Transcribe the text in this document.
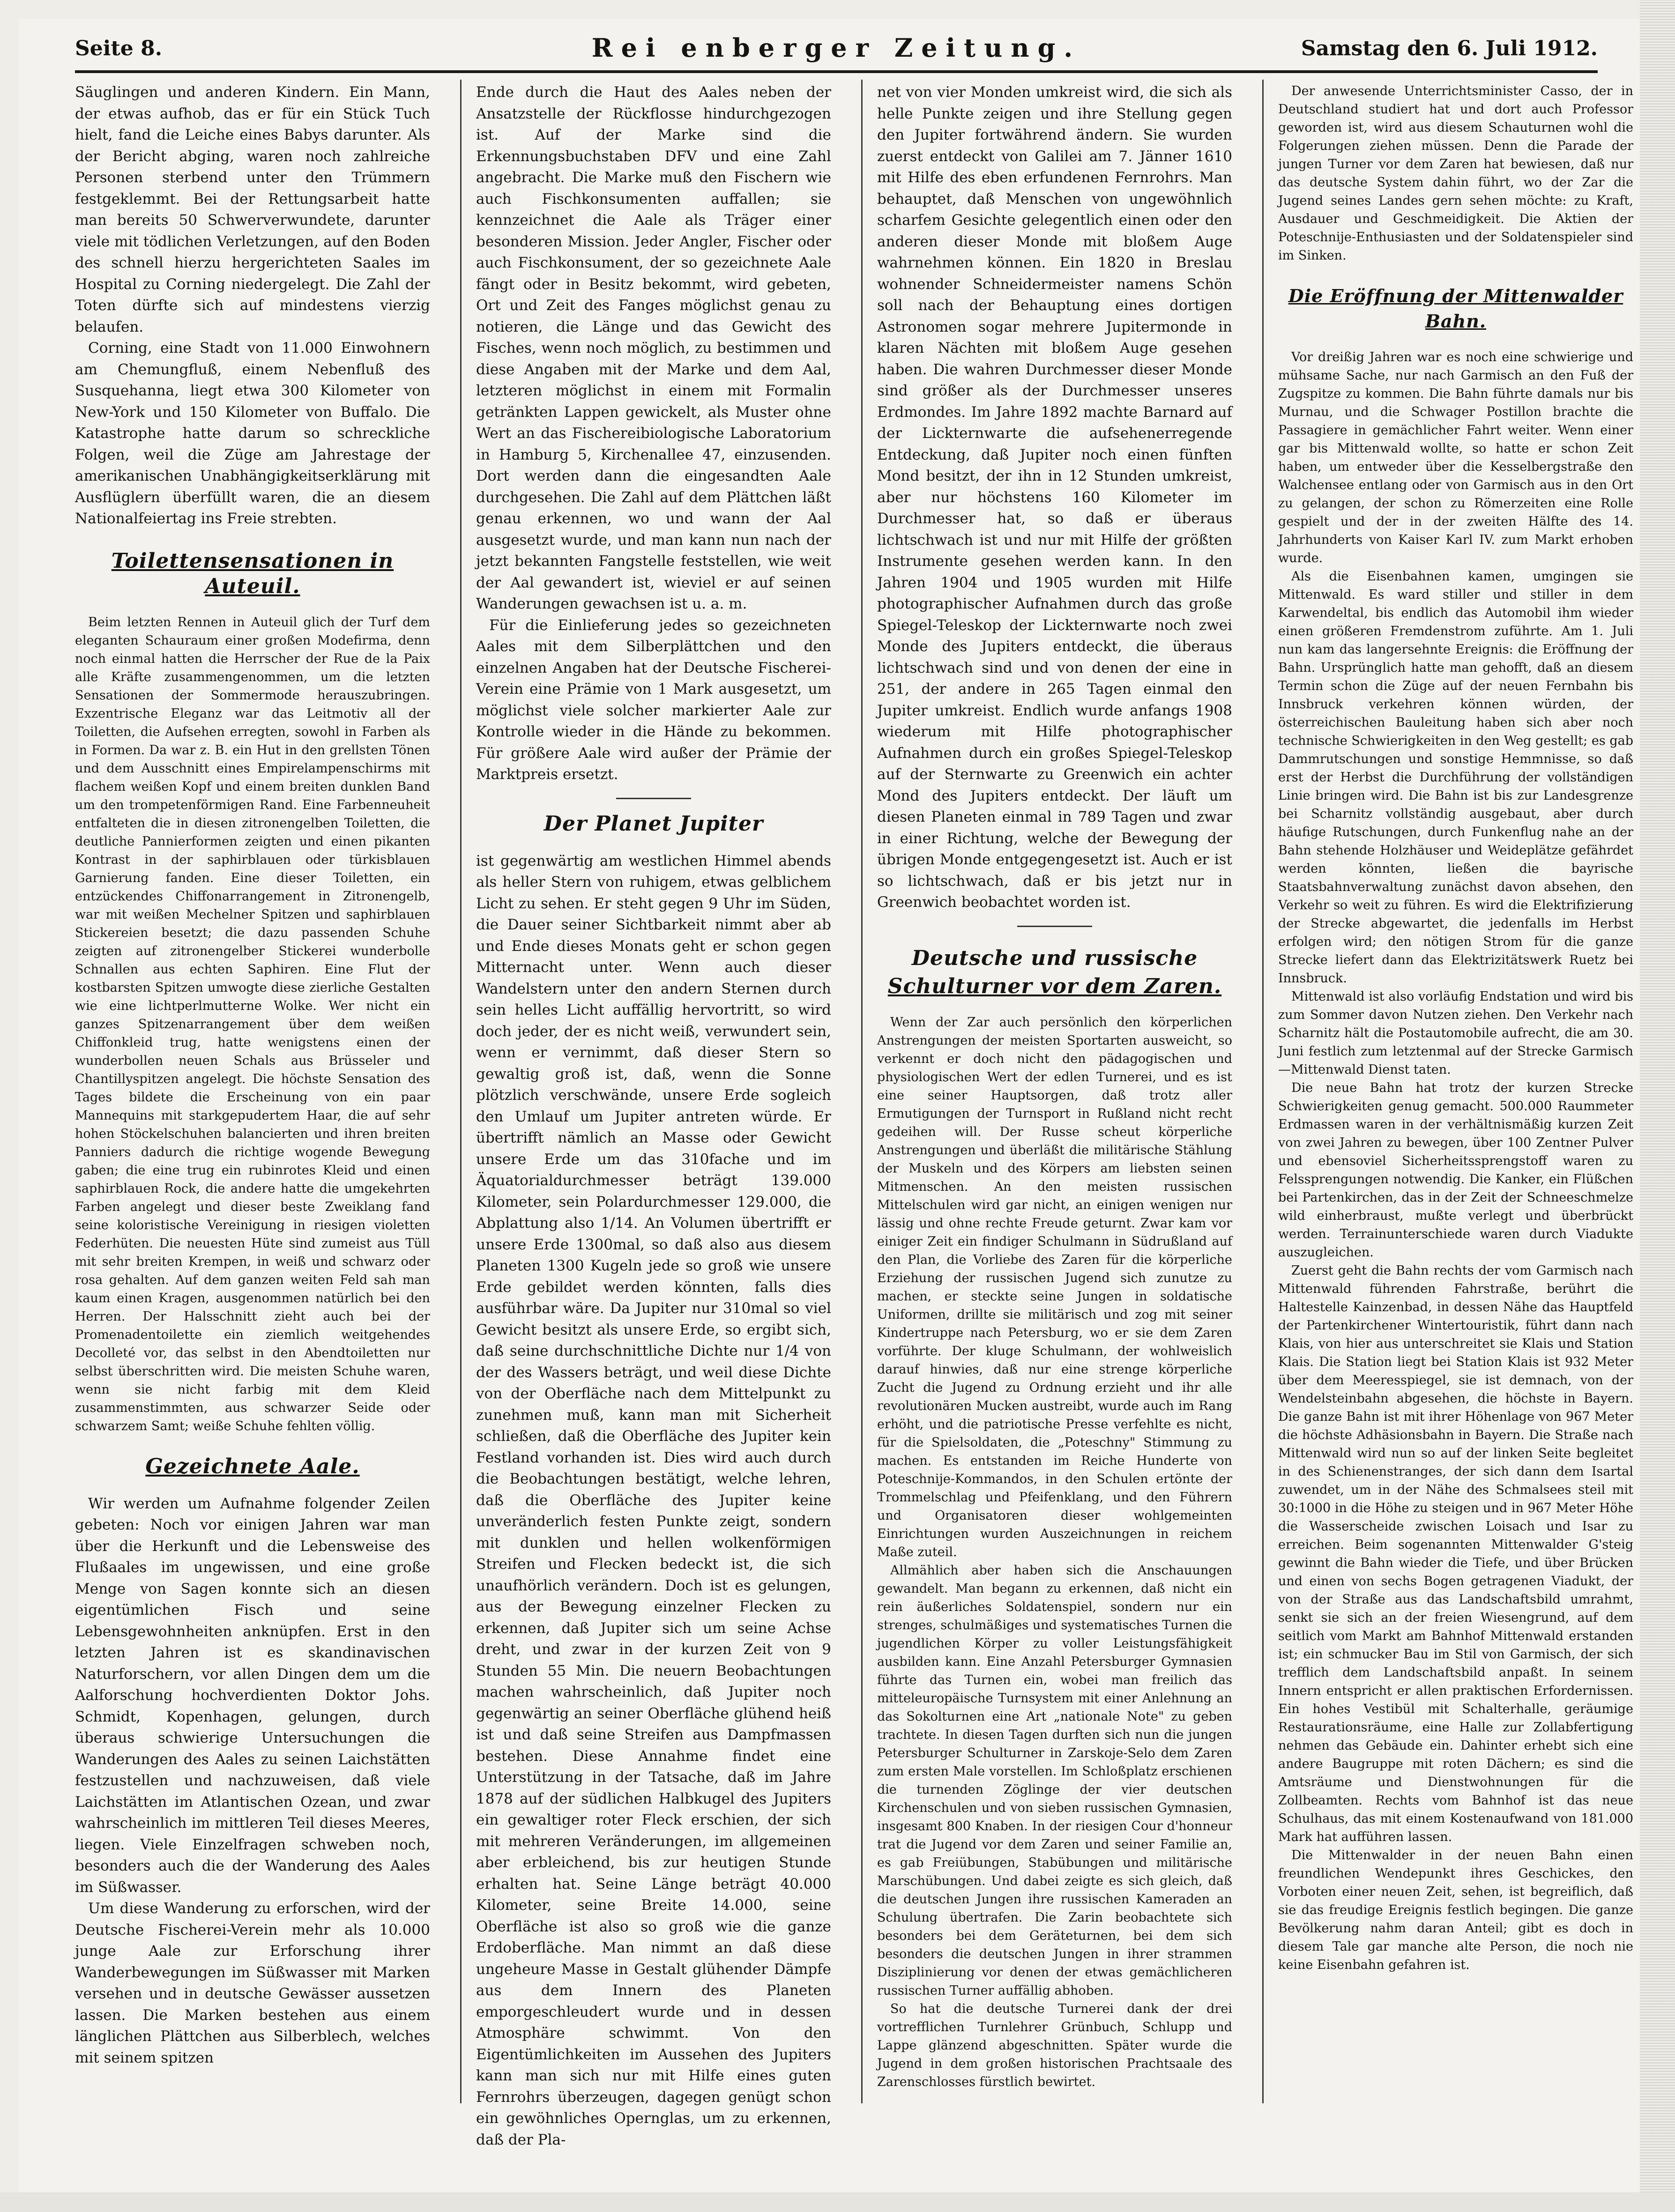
Seite 8.	Rei enberger Zeitung.	Samstag den 6. Juli 1912.

Säuglingen und anderen Kindern. Ein Mann, der etwas aufhob, das er für ein Stück Tuch hielt, fand die Leiche eines Babys darunter. Als der Bericht abging, waren noch zahlreiche Personen sterbend unter den Trümmern festgeklemmt. Bei der Rettungsarbeit hatte man bereits 50 Schwerverwundete, darunter viele mit tödlichen Verletzungen, auf den Boden des schnell hierzu hergerichteten Saales im Hospital zu Corning niedergelegt. Die Zahl der Toten dürfte sich auf mindestens vierzig belaufen.

Corning, eine Stadt von 11.000 Einwohnern am Chemungfluß, einem Nebenfluß des Susquehanna, liegt etwa 300 Kilometer von New-York und 150 Kilometer von Buffalo. Die Katastrophe hatte darum so schreckliche Folgen, weil die Züge am Jahrestage der amerikanischen Unabhängigkeitserklärung mit Ausflüglern überfüllt waren, die an diesem Nationalfeiertag ins Freie strebten.

Toilettensensationen in Auteuil.

Beim letzten Rennen in Auteuil glich der Turf dem eleganten Schauraum einer großen Modefirma, denn noch einmal hatten die Herrscher der Rue de la Paix alle Kräfte zusammengenommen, um die letzten Sensationen der Sommermode herauszubringen. Exzentrische Eleganz war das Leitmotiv all der Toiletten, die Aufsehen erregten, sowohl in Farben als in Formen. Da war z. B. ein Hut in den grellsten Tönen und dem Ausschnitt eines Empirelampenschirms mit flachem weißen Kopf und einem breiten dunklen Band um den trompetenförmigen Rand. Eine Farbenneuheit entfalteten die in diesen zitronengelben Toiletten, die deutliche Pannierformen zeigten und einen pikanten Kontrast in der saphirblauen oder türkisblauen Garnierung fanden. Eine dieser Toiletten, ein entzückendes Chiffonarrangement in Zitronengelb, war mit weißen Mechelner Spitzen und saphirblauen Stickereien besetzt; die dazu passenden Schuhe zeigten auf zitronengelber Stickerei wunderbolle Schnallen aus echten Saphiren. Eine Flut der kostbarsten Spitzen umwogte diese zierliche Gestalten wie eine lichtperlmutterne Wolke. Wer nicht ein ganzes Spitzenarrangement über dem weißen Chiffonkleid trug, hatte wenigstens einen der wunderbollen neuen Schals aus Brüsseler und Chantillyspitzen angelegt. Die höchste Sensation des Tages bildete die Erscheinung von ein paar Mannequins mit starkgepudertem Haar, die auf sehr hohen Stöckelschuhen balancierten und ihren breiten Panniers dadurch die richtige wogende Bewegung gaben; die eine trug ein rubinrotes Kleid und einen saphirblauen Rock, die andere hatte die umgekehrten Farben angelegt und dieser beste Zweiklang fand seine koloristische Vereinigung in riesigen violetten Federhüten. Die neuesten Hüte sind zumeist aus Tüll mit sehr breiten Krempen, in weiß und schwarz oder rosa gehalten. Auf dem ganzen weiten Feld sah man kaum einen Kragen, ausgenommen natürlich bei den Herren. Der Halsschnitt zieht auch bei der Promenadentoilette ein ziemlich weitgehendes Decolleté vor, das selbst in den Abendtoiletten nur selbst überschritten wird. Die meisten Schuhe waren, wenn sie nicht farbig mit dem Kleid zusammenstimmten, aus schwarzer Seide oder schwarzem Samt; weiße Schuhe fehlten völlig.

Gezeichnete Aale.

Wir werden um Aufnahme folgender Zeilen gebeten: Noch vor einigen Jahren war man über die Herkunft und die Lebensweise des Flußaales im ungewissen, und eine große Menge von Sagen konnte sich an diesen eigentümlichen Fisch und seine Lebensgewohnheiten anknüpfen. Erst in den letzten Jahren ist es skandinavischen Naturforschern, vor allen Dingen dem um die Aalforschung hochverdienten Doktor Johs. Schmidt, Kopenhagen, gelungen, durch überaus schwierige Untersuchungen die Wanderungen des Aales zu seinen Laichstätten festzustellen und nachzuweisen, daß viele Laichstätten im Atlantischen Ozean, und zwar wahrscheinlich im mittleren Teil dieses Meeres, liegen. Viele Einzelfragen schweben noch, besonders auch die der Wanderung des Aales im Süßwasser.

Um diese Wanderung zu erforschen, wird der Deutsche Fischerei-Verein mehr als 10.000 junge Aale zur Erforschung ihrer Wanderbewegungen im Süßwasser mit Marken versehen und in deutsche Gewässer aussetzen lassen. Die Marken bestehen aus einem länglichen Plättchen aus Silberblech, welches mit seinem spitzen

Ende durch die Haut des Aales neben der Ansatzstelle der Rückflosse hindurchgezogen ist. Auf der Marke sind die Erkennungsbuchstaben DFV und eine Zahl angebracht. Die Marke muß den Fischern wie auch Fischkonsumenten auffallen; sie kennzeichnet die Aale als Träger einer besonderen Mission. Jeder Angler, Fischer oder auch Fischkonsument, der so gezeichnete Aale fängt oder in Besitz bekommt, wird gebeten, Ort und Zeit des Fanges möglichst genau zu notieren, die Länge und das Gewicht des Fisches, wenn noch möglich, zu bestimmen und diese Angaben mit der Marke und dem Aal, letzteren möglichst in einem mit Formalin getränkten Lappen gewickelt, als Muster ohne Wert an das Fischereibiologische Laboratorium in Hamburg 5, Kirchenallee 47, einzusenden. Dort werden dann die eingesandten Aale durchgesehen. Die Zahl auf dem Plättchen läßt genau erkennen, wo und wann der Aal ausgesetzt wurde, und man kann nun nach der jetzt bekannten Fangstelle feststellen, wie weit der Aal gewandert ist, wieviel er auf seinen Wanderungen gewachsen ist u. a. m.

Für die Einlieferung jedes so gezeichneten Aales mit dem Silberplättchen und den einzelnen Angaben hat der Deutsche Fischerei-Verein eine Prämie von 1 Mark ausgesetzt, um möglichst viele solcher markierter Aale zur Kontrolle wieder in die Hände zu bekommen. Für größere Aale wird außer der Prämie der Marktpreis ersetzt.

Der Planet Jupiter

ist gegenwärtig am westlichen Himmel abends als heller Stern von ruhigem, etwas gelblichem Licht zu sehen. Er steht gegen 9 Uhr im Süden, die Dauer seiner Sichtbarkeit nimmt aber ab und Ende dieses Monats geht er schon gegen Mitternacht unter. Wenn auch dieser Wandelstern unter den andern Sternen durch sein helles Licht auffällig hervortritt, so wird doch jeder, der es nicht weiß, verwundert sein, wenn er vernimmt, daß dieser Stern so gewaltig groß ist, daß, wenn die Sonne plötzlich verschwände, unsere Erde sogleich den Umlauf um Jupiter antreten würde. Er übertrifft nämlich an Masse oder Gewicht unsere Erde um das 310fache und im Äquatorialdurchmesser beträgt 139.000 Kilometer, sein Polardurchmesser 129.000, die Abplattung also 1/14. An Volumen übertrifft er unsere Erde 1300mal, so daß also aus diesem Planeten 1300 Kugeln jede so groß wie unsere Erde gebildet werden könnten, falls dies ausführbar wäre. Da Jupiter nur 310mal so viel Gewicht besitzt als unsere Erde, so ergibt sich, daß seine durchschnittliche Dichte nur 1/4 von der des Wassers beträgt, und weil diese Dichte von der Oberfläche nach dem Mittelpunkt zu zunehmen muß, kann man mit Sicherheit schließen, daß die Oberfläche des Jupiter kein Festland vorhanden ist. Dies wird auch durch die Beobachtungen bestätigt, welche lehren, daß die Oberfläche des Jupiter keine unveränderlich festen Punkte zeigt, sondern mit dunklen und hellen wolkenförmigen Streifen und Flecken bedeckt ist, die sich unaufhörlich verändern. Doch ist es gelungen, aus der Bewegung einzelner Flecken zu erkennen, daß Jupiter sich um seine Achse dreht, und zwar in der kurzen Zeit von 9 Stunden 55 Min. Die neuern Beobachtungen machen wahrscheinlich, daß Jupiter noch gegenwärtig an seiner Oberfläche glühend heiß ist und daß seine Streifen aus Dampfmassen bestehen. Diese Annahme findet eine Unterstützung in der Tatsache, daß im Jahre 1878 auf der südlichen Halbkugel des Jupiters ein gewaltiger roter Fleck erschien, der sich mit mehreren Veränderungen, im allgemeinen aber erbleichend, bis zur heutigen Stunde erhalten hat. Seine Länge beträgt 40.000 Kilometer, seine Breite 14.000, seine Oberfläche ist also so groß wie die ganze Erdoberfläche. Man nimmt an daß diese ungeheure Masse in Gestalt glühender Dämpfe aus dem Innern des Planeten emporgeschleudert wurde und in dessen Atmosphäre schwimmt. Von den Eigentümlichkeiten im Aussehen des Jupiters kann man sich nur mit Hilfe eines guten Fernrohrs überzeugen, dagegen genügt schon ein gewöhnliches Opernglas, um zu erkennen, daß der Pla-

net von vier Monden umkreist wird, die sich als helle Punkte zeigen und ihre Stellung gegen den Jupiter fortwährend ändern. Sie wurden zuerst entdeckt von Galilei am 7. Jänner 1610 mit Hilfe des eben erfundenen Fernrohrs. Man behauptet, daß Menschen von ungewöhnlich scharfem Gesichte gelegentlich einen oder den anderen dieser Monde mit bloßem Auge wahrnehmen können. Ein 1820 in Breslau wohnender Schneidermeister namens Schön soll nach der Behauptung eines dortigen Astronomen sogar mehrere Jupitermonde in klaren Nächten mit bloßem Auge gesehen haben. Die wahren Durchmesser dieser Monde sind größer als der Durchmesser unseres Erdmondes. Im Jahre 1892 machte Barnard auf der Lickternwarte die aufsehenerregende Entdeckung, daß Jupiter noch einen fünften Mond besitzt, der ihn in 12 Stunden umkreist, aber nur höchstens 160 Kilometer im Durchmesser hat, so daß er überaus lichtschwach ist und nur mit Hilfe der größten Instrumente gesehen werden kann. In den Jahren 1904 und 1905 wurden mit Hilfe photographischer Aufnahmen durch das große Spiegel-Teleskop der Lickternwarte noch zwei Monde des Jupiters entdeckt, die überaus lichtschwach sind und von denen der eine in 251, der andere in 265 Tagen einmal den Jupiter umkreist. Endlich wurde anfangs 1908 wiederum mit Hilfe photographischer Aufnahmen durch ein großes Spiegel-Teleskop auf der Sternwarte zu Greenwich ein achter Mond des Jupiters entdeckt. Der läuft um diesen Planeten einmal in 789 Tagen und zwar in einer Richtung, welche der Bewegung der übrigen Monde entgegengesetzt ist. Auch er ist so lichtschwach, daß er bis jetzt nur in Greenwich beobachtet worden ist.

Deutsche und russische
Schulturner vor dem Zaren.

Wenn der Zar auch persönlich den körperlichen Anstrengungen der meisten Sportarten ausweicht, so verkennt er doch nicht den pädagogischen und physiologischen Wert der edlen Turnerei, und es ist eine seiner Hauptsorgen, daß trotz aller Ermutigungen der Turnsport in Rußland nicht recht gedeihen will. Der Russe scheut körperliche Anstrengungen und überläßt die militärische Stählung der Muskeln und des Körpers am liebsten seinen Mitmenschen. An den meisten russischen Mittelschulen wird gar nicht, an einigen wenigen nur lässig und ohne rechte Freude geturnt. Zwar kam vor einiger Zeit ein findiger Schulmann in Südrußland auf den Plan, die Vorliebe des Zaren für die körperliche Erziehung der russischen Jugend sich zunutze zu machen, er steckte seine Jungen in soldatische Uniformen, drillte sie militärisch und zog mit seiner Kindertruppe nach Petersburg, wo er sie dem Zaren vorführte. Der kluge Schulmann, der wohlweislich darauf hinwies, daß nur eine strenge körperliche Zucht die Jugend zu Ordnung erzieht und ihr alle revolutionären Mucken austreibt, wurde auch im Rang erhöht, und die patriotische Presse verfehlte es nicht, für die Spielsoldaten, die „Poteschny" Stimmung zu machen. Es entstanden im Reiche Hunderte von Poteschnije-Kommandos, in den Schulen ertönte der Trommelschlag und Pfeifenklang, und den Führern und Organisatoren dieser wohlgemeinten Einrichtungen wurden Auszeichnungen in reichem Maße zuteil.

Allmählich aber haben sich die Anschauungen gewandelt. Man begann zu erkennen, daß nicht ein rein äußerliches Soldatenspiel, sondern nur ein strenges, schulmäßiges und systematisches Turnen die jugendlichen Körper zu voller Leistungsfähigkeit ausbilden kann. Eine Anzahl Petersburger Gymnasien führte das Turnen ein, wobei man freilich das mitteleuropäische Turnsystem mit einer Anlehnung an das Sokolturnen eine Art „nationale Note" zu geben trachtete. In diesen Tagen durften sich nun die jungen Petersburger Schulturner in Zarskoje-Selo dem Zaren zum ersten Male vorstellen. Im Schloßplatz erschienen die turnenden Zöglinge der vier deutschen Kirchenschulen und von sieben russischen Gymnasien, insgesamt 800 Knaben. In der riesigen Cour d'honneur trat die Jugend vor dem Zaren und seiner Familie an, es gab Freiübungen, Stabübungen und militärische Marschübungen. Und dabei zeigte es sich gleich, daß die deutschen Jungen ihre russischen Kameraden an Schulung übertrafen. Die Zarin beobachtete sich besonders bei dem Geräteturnen, bei dem sich besonders die deutschen Jungen in ihrer strammen Disziplinierung vor denen der etwas gemächlicheren russischen Turner auffällig abhoben.

So hat die deutsche Turnerei dank der drei vortrefflichen Turnlehrer Grünbuch, Schlupp und Lappe glänzend abgeschnitten. Später wurde die Jugend in dem großen historischen Prachtsaale des Zarenschlosses fürstlich bewirtet.

Der anwesende Unterrichtsminister Casso, der in Deutschland studiert hat und dort auch Professor geworden ist, wird aus diesem Schauturnen wohl die Folgerungen ziehen müssen. Denn die Parade der jungen Turner vor dem Zaren hat bewiesen, daß nur das deutsche System dahin führt, wo der Zar die Jugend seines Landes gern sehen möchte: zu Kraft, Ausdauer und Geschmeidigkeit. Die Aktien der Poteschnije-Enthusiasten und der Soldatenspieler sind im Sinken.

Die Eröffnung der Mittenwalder Bahn.

Vor dreißig Jahren war es noch eine schwierige und mühsame Sache, nur nach Garmisch an den Fuß der Zugspitze zu kommen. Die Bahn führte damals nur bis Murnau, und die Schwager Postillon brachte die Passagiere in gemächlicher Fahrt weiter. Wenn einer gar bis Mittenwald wollte, so hatte er schon Zeit haben, um entweder über die Kesselbergstraße den Walchensee entlang oder von Garmisch aus in den Ort zu gelangen, der schon zu Römerzeiten eine Rolle gespielt und der in der zweiten Hälfte des 14. Jahrhunderts von Kaiser Karl IV. zum Markt erhoben wurde.

Als die Eisenbahnen kamen, umgingen sie Mittenwald. Es ward stiller und stiller in dem Karwendeltal, bis endlich das Automobil ihm wieder einen größeren Fremdenstrom zuführte. Am 1. Juli nun kam das langersehnte Ereignis: die Eröffnung der Bahn. Ursprünglich hatte man gehofft, daß an diesem Termin schon die Züge auf der neuen Fernbahn bis Innsbruck verkehren können würden, der österreichischen Bauleitung haben sich aber noch technische Schwierigkeiten in den Weg gestellt; es gab Dammrutschungen und sonstige Hemmnisse, so daß erst der Herbst die Durchführung der vollständigen Linie bringen wird. Die Bahn ist bis zur Landesgrenze bei Scharnitz vollständig ausgebaut, aber durch häufige Rutschungen, durch Funkenflug nahe an der Bahn stehende Holzhäuser und Weideplätze gefährdet werden könnten, ließen die bayrische Staatsbahnverwaltung zunächst davon absehen, den Verkehr so weit zu führen. Es wird die Elektrifizierung der Strecke abgewartet, die jedenfalls im Herbst erfolgen wird; den nötigen Strom für die ganze Strecke liefert dann das Elektrizitätswerk Ruetz bei Innsbruck.

Mittenwald ist also vorläufig Endstation und wird bis zum Sommer davon Nutzen ziehen. Den Verkehr nach Scharnitz hält die Postautomobile aufrecht, die am 30. Juni festlich zum letztenmal auf der Strecke Garmisch—Mittenwald Dienst taten.

Die neue Bahn hat trotz der kurzen Strecke Schwierigkeiten genug gemacht. 500.000 Raummeter Erdmassen waren in der verhältnismäßig kurzen Zeit von zwei Jahren zu bewegen, über 100 Zentner Pulver und ebensoviel Sicherheitssprengstoff waren zu Felssprengungen notwendig. Die Kanker, ein Flüßchen bei Partenkirchen, das in der Zeit der Schneeschmelze wild einherbraust, mußte verlegt und überbrückt werden. Terrainunterschiede waren durch Viadukte auszugleichen.

Zuerst geht die Bahn rechts der vom Garmisch nach Mittenwald führenden Fahrstraße, berührt die Haltestelle Kainzenbad, in dessen Nähe das Hauptfeld der Partenkirchener Wintertouristik, führt dann nach Klais, von hier aus unterschreitet sie Klais und Station Klais. Die Station liegt bei Station Klais ist 932 Meter über dem Meeresspiegel, sie ist demnach, von der Wendelsteinbahn abgesehen, die höchste in Bayern. Die ganze Bahn ist mit ihrer Höhenlage von 967 Meter die höchste Adhäsionsbahn in Bayern. Die Straße nach Mittenwald wird nun so auf der linken Seite begleitet in des Schienenstranges, der sich dann dem Isartal zuwendet, um in der Nähe des Schmalsees steil mit 30:1000 in die Höhe zu steigen und in 967 Meter Höhe die Wasserscheide zwischen Loisach und Isar zu erreichen. Beim sogenannten Mittenwalder G'steig gewinnt die Bahn wieder die Tiefe, und über Brücken und einen von sechs Bogen getragenen Viadukt, der von der Straße aus das Landschaftsbild umrahmt, senkt sie sich an der freien Wiesengrund, auf dem seitlich vom Markt am Bahnhof Mittenwald erstanden ist; ein schmucker Bau im Stil von Garmisch, der sich trefflich dem Landschaftsbild anpaßt. In seinem Innern entspricht er allen praktischen Erfordernissen. Ein hohes Vestibül mit Schalterhalle, geräumige Restaurationsräume, eine Halle zur Zollabfertigung nehmen das Gebäude ein. Dahinter erhebt sich eine andere Baugruppe mit roten Dächern; es sind die Amtsräume und Dienstwohnungen für die Zollbeamten. Rechts vom Bahnhof ist das neue Schulhaus, das mit einem Kostenaufwand von 181.000 Mark hat aufführen lassen.

Die Mittenwalder in der neuen Bahn einen freundlichen Wendepunkt ihres Geschickes, den Vorboten einer neuen Zeit, sehen, ist begreiflich, daß sie das freudige Ereignis festlich begingen. Die ganze Bevölkerung nahm daran Anteil; gibt es doch in diesem Tale gar manche alte Person, die noch nie keine Eisenbahn gefahren ist.
